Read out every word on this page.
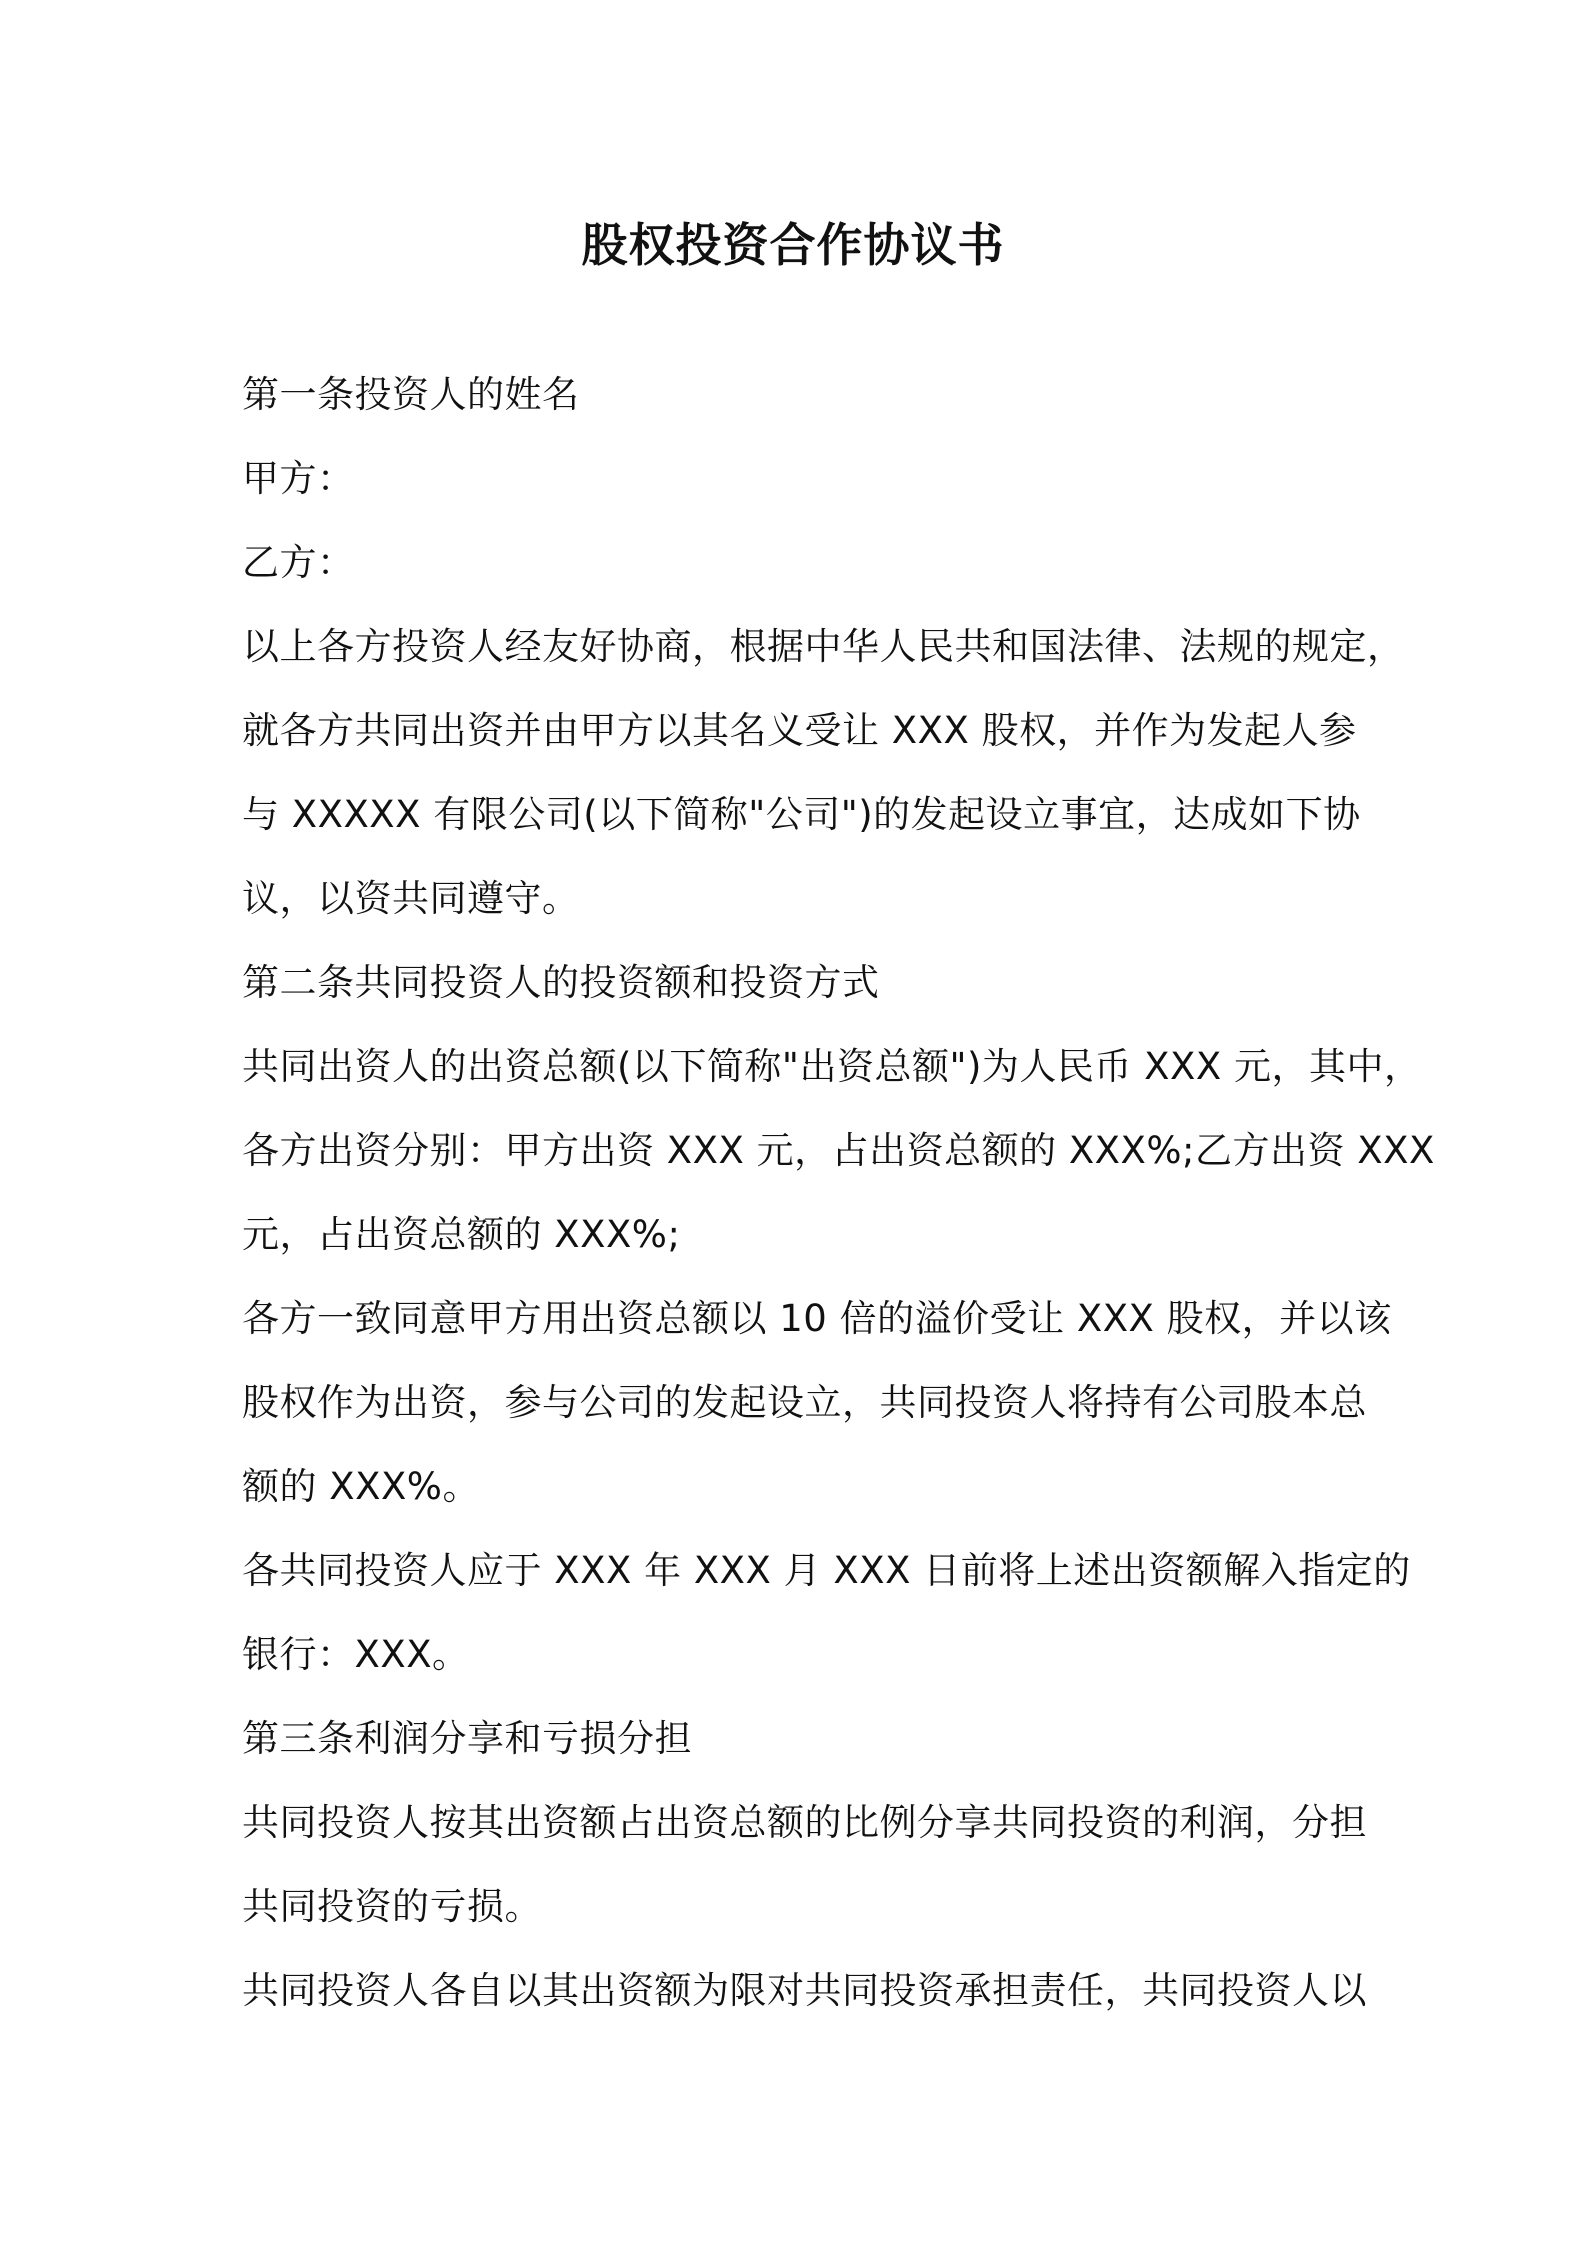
股权投资合作协议书
第一条投资人的姓名
甲方：
乙方：
以上各方投资人经友好协商，根据中华人民共和国法律、法规的规定，
就各方共同出资并由甲方以其名义受让 XXX 股权，并作为发起人参
与 XXXXX 有限公司(以下简称"公司")的发起设立事宜，达成如下协
议，以资共同遵守。
第二条共同投资人的投资额和投资方式
共同出资人的出资总额(以下简称"出资总额")为人民币 XXX 元，其中，
各方出资分别：甲方出资 XXX 元，占出资总额的 XXX%;乙方出资 XXX
元，占出资总额的 XXX%;
各方一致同意甲方用出资总额以 10 倍的溢价受让 XXX 股权，并以该
股权作为出资，参与公司的发起设立，共同投资人将持有公司股本总
额的 XXX%。
各共同投资人应于 XXX 年 XXX 月 XXX 日前将上述出资额解入指定的
银行：XXX。
第三条利润分享和亏损分担
共同投资人按其出资额占出资总额的比例分享共同投资的利润，分担
共同投资的亏损。
共同投资人各自以其出资额为限对共同投资承担责任，共同投资人以
